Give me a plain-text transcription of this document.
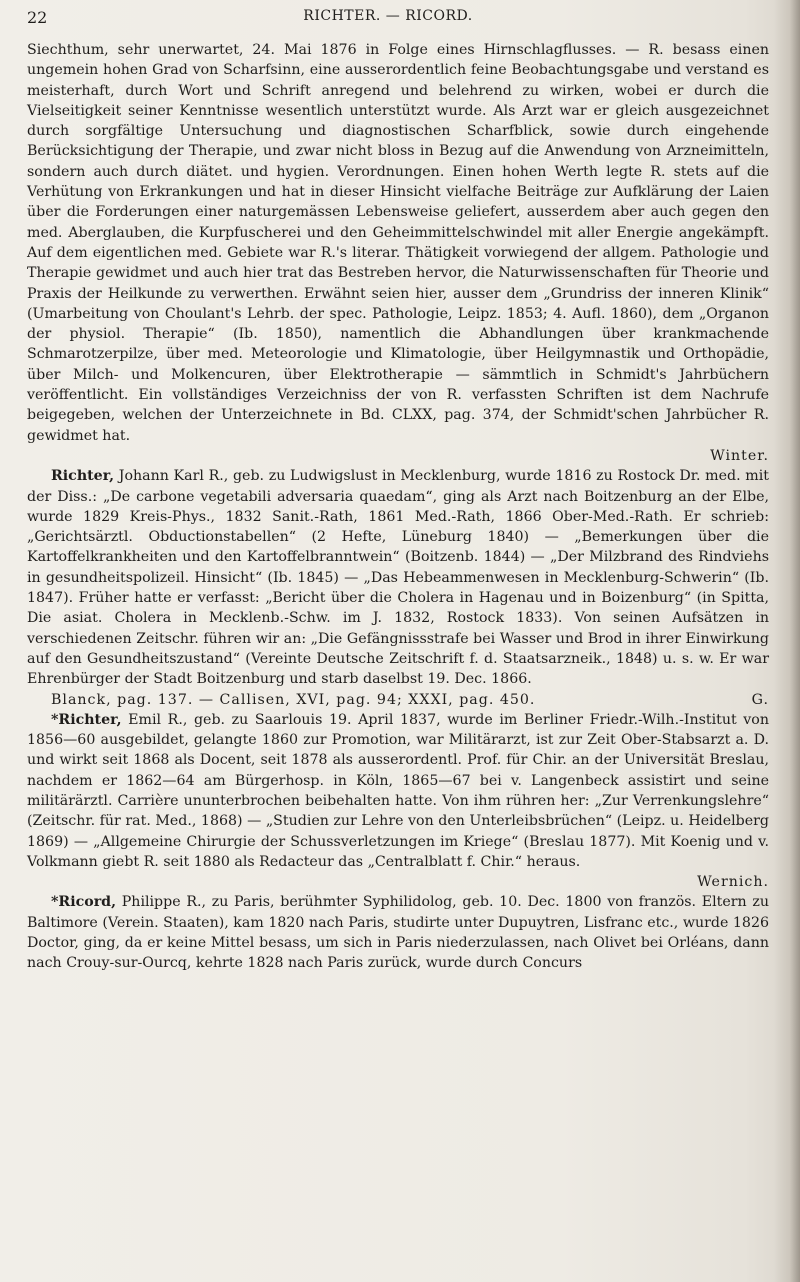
22	RICHTER. — RICORD.

Siechthum, sehr unerwartet, 24. Mai 1876 in Folge eines Hirnschlagflusses. — R. besass einen ungemein hohen Grad von Scharfsinn, eine ausserordentlich feine Beobachtungsgabe und verstand es meisterhaft, durch Wort und Schrift anregend und belehrend zu wirken, wobei er durch die Vielseitigkeit seiner Kenntnisse wesentlich unterstützt wurde. Als Arzt war er gleich ausgezeichnet durch sorgfältige Untersuchung und diagnostischen Scharfblick, sowie durch eingehende Berücksichtigung der Therapie, und zwar nicht bloss in Bezug auf die Anwendung von Arzneimitteln, sondern auch durch diätet. und hygien. Verordnungen. Einen hohen Werth legte R. stets auf die Verhütung von Erkrankungen und hat in dieser Hinsicht vielfache Beiträge zur Aufklärung der Laien über die Forderungen einer naturgemässen Lebensweise geliefert, ausserdem aber auch gegen den med. Aberglauben, die Kurpfuscherei und den Geheimmittelschwindel mit aller Energie angekämpft. Auf dem eigentlichen med. Gebiete war R.'s literar. Thätigkeit vorwiegend der allgem. Pathologie und Therapie gewidmet und auch hier trat das Bestreben hervor, die Naturwissenschaften für Theorie und Praxis der Heilkunde zu verwerthen. Erwähnt seien hier, ausser dem „Grundriss der inneren Klinik“ (Umarbeitung von Choulant's Lehrb. der spec. Pathologie, Leipz. 1853; 4. Aufl. 1860), dem „Organon der physiol. Therapie“ (Ib. 1850), namentlich die Abhandlungen über krankmachende Schmarotzerpilze, über med. Meteorologie und Klimatologie, über Heilgymnastik und Orthopädie, über Milch- und Molkencuren, über Elektrotherapie — sämmtlich in Schmidt's Jahrbüchern veröffentlicht. Ein vollständiges Verzeichniss der von R. verfassten Schriften ist dem Nachrufe beigegeben, welchen der Unterzeichnete in Bd. CLXX, pag. 374, der Schmidt'schen Jahrbücher R. gewidmet hat.

Winter.

Richter, Johann Karl R., geb. zu Ludwigslust in Mecklenburg, wurde 1816 zu Rostock Dr. med. mit der Diss.: „De carbone vegetabili adversaria quaedam“, ging als Arzt nach Boitzenburg an der Elbe, wurde 1829 Kreis-Phys., 1832 Sanit.-Rath, 1861 Med.-Rath, 1866 Ober-Med.-Rath. Er schrieb: „Gerichtsärztl. Obductionstabellen“ (2 Hefte, Lüneburg 1840) — „Bemerkungen über die Kartoffelkrankheiten und den Kartoffelbranntwein“ (Boitzenb. 1844) — „Der Milzbrand des Rindviehs in gesundheitspolizeil. Hinsicht“ (Ib. 1845) — „Das Hebeammenwesen in Mecklenburg-Schwerin“ (Ib. 1847). Früher hatte er verfasst: „Bericht über die Cholera in Hagenau und in Boizenburg“ (in Spitta, Die asiat. Cholera in Mecklenb.-Schw. im J. 1832, Rostock 1833). Von seinen Aufsätzen in verschiedenen Zeitschr. führen wir an: „Die Gefängnissstrafe bei Wasser und Brod in ihrer Einwirkung auf den Gesundheitszustand“ (Vereinte Deutsche Zeitschrift f. d. Staatsarzneik., 1848) u. s. w. Er war Ehrenbürger der Stadt Boitzenburg und starb daselbst 19. Dec. 1866.

Blanck, pag. 137. — Callisen, XVI, pag. 94; XXXI, pag. 450.	G.

*Richter, Emil R., geb. zu Saarlouis 19. April 1837, wurde im Berliner Friedr.-Wilh.-Institut von 1856—60 ausgebildet, gelangte 1860 zur Promotion, war Militärarzt, ist zur Zeit Ober-Stabsarzt a. D. und wirkt seit 1868 als Docent, seit 1878 als ausserordentl. Prof. für Chir. an der Universität Breslau, nachdem er 1862—64 am Bürgerhosp. in Köln, 1865—67 bei v. Langenbeck assistirt und seine militärärztl. Carrière ununterbrochen beibehalten hatte. Von ihm rühren her: „Zur Verrenkungslehre“ (Zeitschr. für rat. Med., 1868) — „Studien zur Lehre von den Unterleibsbrüchen“ (Leipz. u. Heidelberg 1869) — „Allgemeine Chirurgie der Schussverletzungen im Kriege“ (Breslau 1877). Mit Koenig und v. Volkmann giebt R. seit 1880 als Redacteur das „Centralblatt f. Chir.“ heraus.

Wernich.

*Ricord, Philippe R., zu Paris, berühmter Syphilidolog, geb. 10. Dec. 1800 von französ. Eltern zu Baltimore (Verein. Staaten), kam 1820 nach Paris, studirte unter Dupuytren, Lisfranc etc., wurde 1826 Doctor, ging, da er keine Mittel besass, um sich in Paris niederzulassen, nach Olivet bei Orléans, dann nach Crouy-sur-Ourcq, kehrte 1828 nach Paris zurück, wurde durch Concurs
